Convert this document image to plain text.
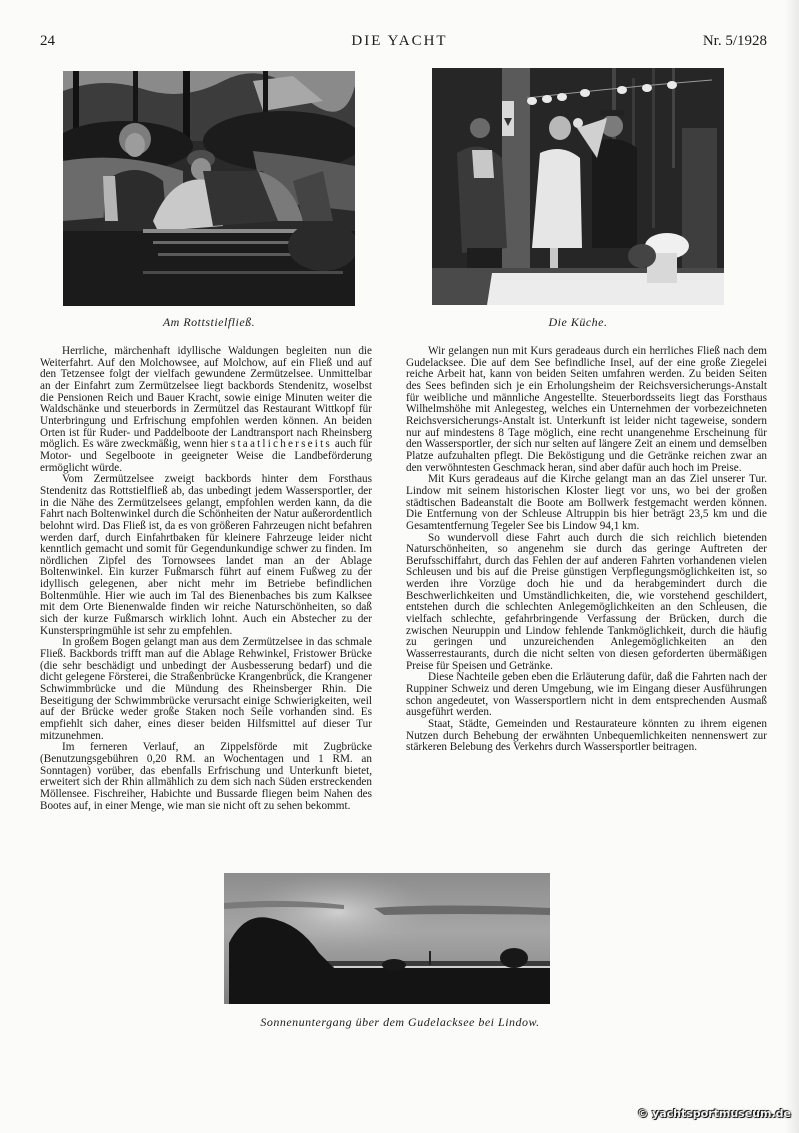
24	DIE YACHT	Nr. 5/1928
Am Rottstielfließ.	Die Küche.

Herrliche, märchenhaft idyllische Waldungen begleiten nun die Weiterfahrt. Auf den Molchowsee, auf Molchow, auf ein Fließ und auf den Tetzensee folgt der vielfach gewundene Zermützelsee. Unmittelbar an der Einfahrt zum Zermützelsee liegt backbords Stendenitz, woselbst die Pensionen Reich und Bauer Kracht, sowie einige Minuten weiter die Waldschänke und steuerbords in Zermützel das Restaurant Wittkopf für Unterbringung und Erfrischung empfohlen werden können. An beiden Orten ist für Ruder- und Paddelboote der Landtransport nach Rheinsberg möglich. Es wäre zweckmäßig, wenn hier staatlicherseits auch für Motor- und Segelboote in geeigneter Weise die Landbeförderung ermöglicht würde.

Vom Zermützelsee zweigt backbords hinter dem Forsthaus Stendenitz das Rottstielfließ ab, das unbedingt jedem Wassersportler, der in die Nähe des Zermützelsees gelangt, empfohlen werden kann, da die Fahrt nach Boltenwinkel durch die Schönheiten der Natur außerordentlich belohnt wird. Das Fließ ist, da es von größeren Fahrzeugen nicht befahren werden darf, durch Einfahrtbaken für kleinere Fahrzeuge leider nicht kenntlich gemacht und somit für Gegendunkundige schwer zu finden. Im nördlichen Zipfel des Tornowsees landet man an der Ablage Boltenwinkel. Ein kurzer Fußmarsch führt auf einem Fußweg zu der idyllisch gelegenen, aber nicht mehr im Betriebe befindlichen Boltenmühle. Hier wie auch im Tal des Bienenbaches bis zum Kalksee mit dem Orte Bienenwalde finden wir reiche Naturschönheiten, so daß sich der kurze Fußmarsch wirklich lohnt. Auch ein Abstecher zu der Kunsterspringmühle ist sehr zu empfehlen.

In großem Bogen gelangt man aus dem Zermützelsee in das schmale Fließ. Backbords trifft man auf die Ablage Rehwinkel, Fristower Brücke (die sehr beschädigt und unbedingt der Ausbesserung bedarf) und die dicht gelegene Försterei, die Straßenbrücke Krangenbrück, die Krangener Schwimmbrücke und die Mündung des Rheinsberger Rhin. Die Beseitigung der Schwimmbrücke verursacht einige Schwierigkeiten, weil auf der Brücke weder große Staken noch Seile vorhanden sind. Es empfiehlt sich daher, eines dieser beiden Hilfsmittel auf dieser Tur mitzunehmen.

Im ferneren Verlauf, an Zippelsförde mit Zugbrücke (Benutzungsgebühren 0,20 RM. an Wochentagen und 1 RM. an Sonntagen) vorüber, das ebenfalls Erfrischung und Unterkunft bietet, erweitert sich der Rhin allmählich zu dem sich nach Süden erstreckenden Möllensee. Fischreiher, Habichte und Bussarde fliegen beim Nahen des Bootes auf, in einer Menge, wie man sie nicht oft zu sehen bekommt.

Wir gelangen nun mit Kurs geradeaus durch ein herrliches Fließ nach dem Gudelacksee. Die auf dem See befindliche Insel, auf der eine große Ziegelei reiche Arbeit hat, kann von beiden Seiten umfahren werden. Zu beiden Seiten des Sees befinden sich je ein Erholungsheim der Reichsversicherungs-Anstalt für weibliche und männliche Angestellte. Steuerbordsseits liegt das Forsthaus Wilhelmshöhe mit Anlegesteg, welches ein Unternehmen der vorbezeichneten Reichsversicherungs-Anstalt ist. Unterkunft ist leider nicht tageweise, sondern nur auf mindestens 8 Tage möglich, eine recht unangenehme Erscheinung für den Wassersportler, der sich nur selten auf längere Zeit an einem und demselben Platze aufzuhalten pflegt. Die Beköstigung und die Getränke reichen zwar an den verwöhntesten Geschmack heran, sind aber dafür auch hoch im Preise.

Mit Kurs geradeaus auf die Kirche gelangt man an das Ziel unserer Tur. Lindow mit seinem historischen Kloster liegt vor uns, wo bei der großen städtischen Badeanstalt die Boote am Bollwerk festgemacht werden können. Die Entfernung von der Schleuse Altruppin bis hier beträgt 23,5 km und die Gesamtentfernung Tegeler See bis Lindow 94,1 km.

So wundervoll diese Fahrt auch durch die sich reichlich bietenden Naturschönheiten, so angenehm sie durch das geringe Auftreten der Berufsschiffahrt, durch das Fehlen der auf anderen Fahrten vorhandenen vielen Schleusen und bis auf die Preise günstigen Verpflegungsmöglichkeiten ist, so werden ihre Vorzüge doch hie und da herabgemindert durch die Beschwerlichkeiten und Umständlichkeiten, die, wie vorstehend geschildert, entstehen durch die schlechten Anlegemöglichkeiten an den Schleusen, die vielfach schlechte, gefahrbringende Verfassung der Brücken, durch die zwischen Neuruppin und Lindow fehlende Tankmöglichkeit, durch die häufig zu geringen und unzureichenden Anlegemöglichkeiten an den Wasserrestaurants, durch die nicht selten von diesen geforderten übermäßigen Preise für Speisen und Getränke.

Diese Nachteile geben eben die Erläuterung dafür, daß die Fahrten nach der Ruppiner Schweiz und deren Umgebung, wie im Eingang dieser Ausführungen schon angedeutet, von Wassersportlern nicht in dem entsprechenden Ausmaß ausgeführt werden.

Staat, Städte, Gemeinden und Restaurateure könnten zu ihrem eigenen Nutzen durch Behebung der erwähnten Unbequemlichkeiten nennenswert zur stärkeren Belebung des Verkehrs durch Wassersportler beitragen.

Sonnenuntergang über dem Gudelacksee bei Lindow.
© yachtsportmuseum.de
